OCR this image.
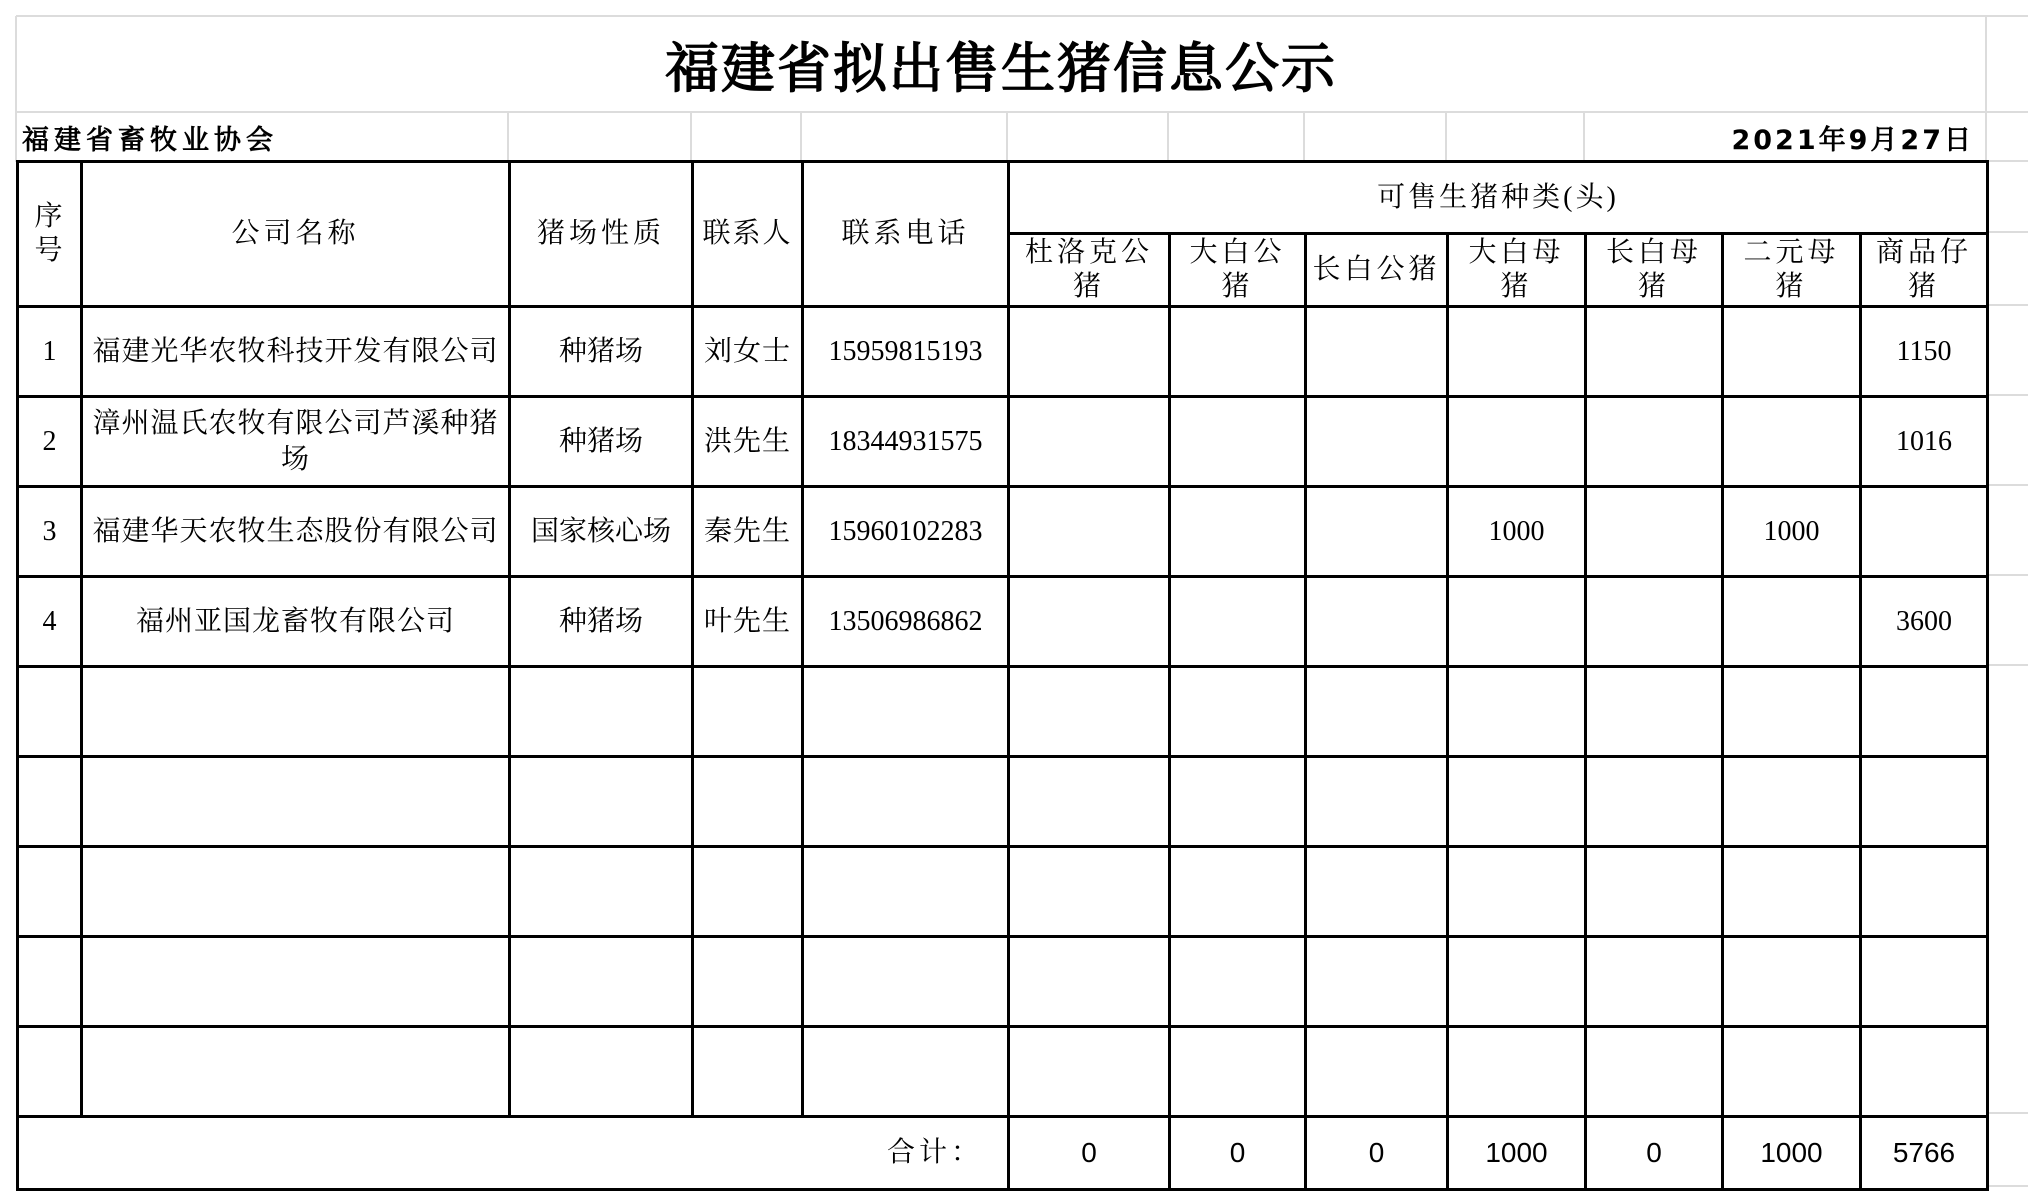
福建省拟出售生猪信息公示
福建省畜牧业协会	2021年9月27日
序号	公司名称	猪场性质	联系人	联系电话	可售生猪种类(头)						
					杜洛克公猪	大白公猪	长白公猪	大白母猪	长白母猪	二元母猪	商品仔猪
1	福建光华农牧科技开发有限公司	种猪场	刘女士	15959815193							1150
2	漳州温氏农牧有限公司芦溪种猪场	种猪场	洪先生	18344931575							1016
3	福建华天农牧生态股份有限公司	国家核心场	秦先生	15960102283				1000		1000	
4	福州亚国龙畜牧有限公司	种猪场	叶先生	13506986862							3600

合计：					0	0	0	1000	0	1000	5766
